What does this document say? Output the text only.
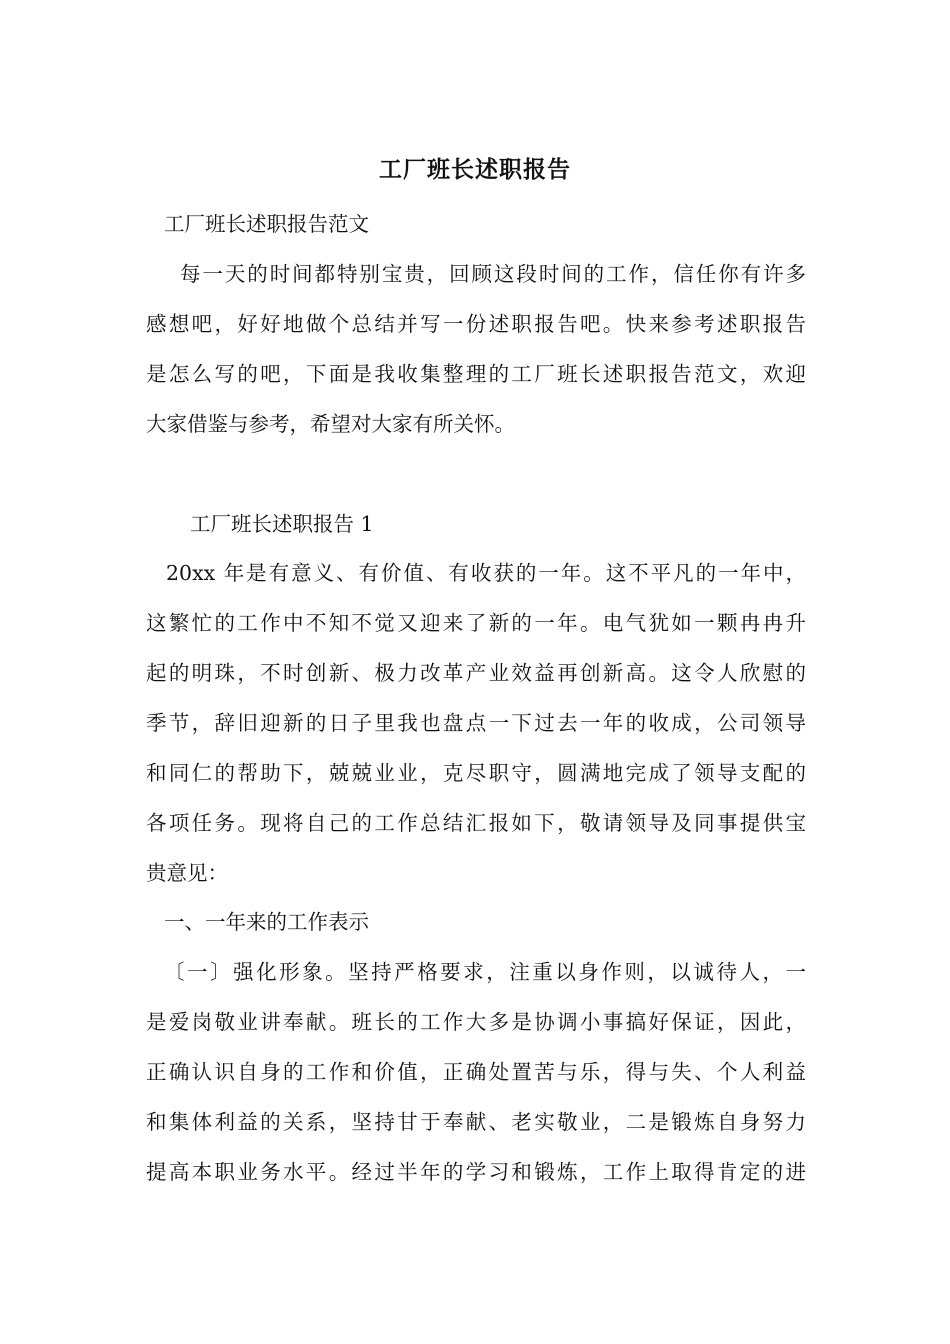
工厂班长述职报告
工厂班长述职报告范文
每一天的时间都特别宝贵，回顾这段时间的工作，信任你有许多
感想吧，好好地做个总结并写一份述职报告吧。快来参考述职报告
是怎么写的吧，下面是我收集整理的工厂班长述职报告范文，欢迎
大家借鉴与参考，希望对大家有所关怀。
工厂班长述职报告 1
20xx 年是有意义、有价值、有收获的一年。这不平凡的一年中，
这繁忙的工作中不知不觉又迎来了新的一年。电气犹如一颗冉冉升
起的明珠，不时创新、极力改革产业效益再创新高。这令人欣慰的
季节，辞旧迎新的日子里我也盘点一下过去一年的收成，公司领导
和同仁的帮助下，兢兢业业，克尽职守，圆满地完成了领导支配的
各项任务。现将自己的工作总结汇报如下，敬请领导及同事提供宝
贵意见：
一、一年来的工作表示
〔一〕强化形象。坚持严格要求，注重以身作则，以诚待人，一
是爱岗敬业讲奉献。班长的工作大多是协调小事搞好保证，因此，
正确认识自身的工作和价值，正确处置苦与乐，得与失、个人利益
和集体利益的关系，坚持甘于奉献、老实敬业，二是锻炼自身努力
提高本职业务水平。经过半年的学习和锻炼，工作上取得肯定的进
